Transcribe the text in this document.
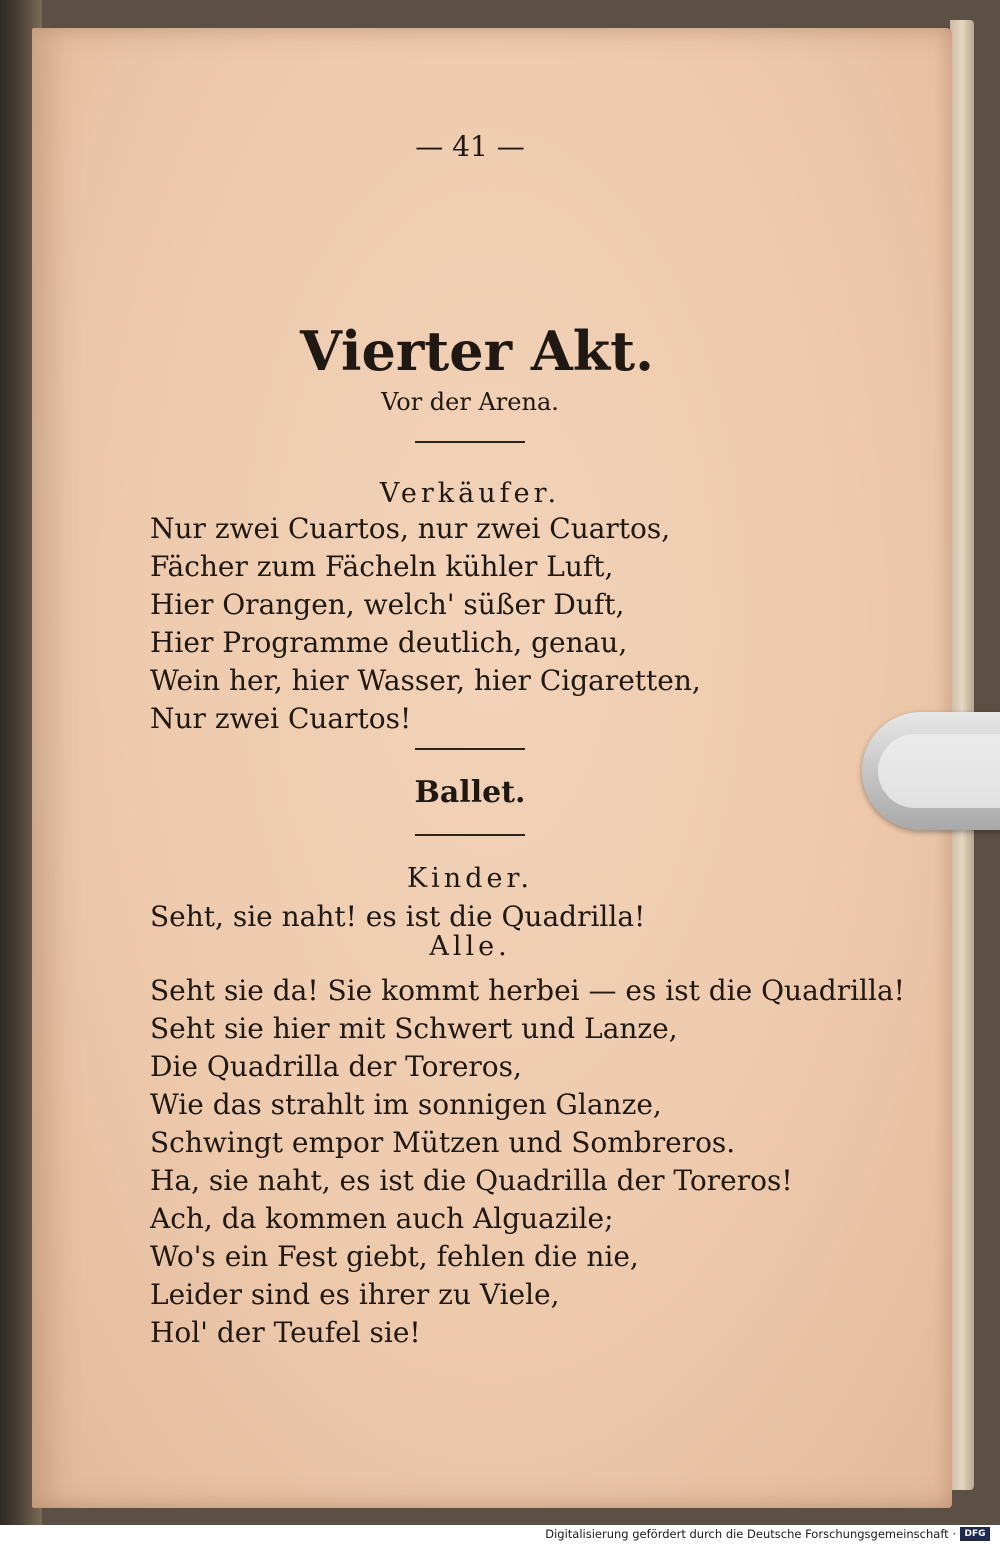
— 41 —

Vierter Akt.

Vor der Arena.

Verkäufer.

Nur zwei Cuartos, nur zwei Cuartos,

Fächer zum Fächeln kühler Luft,

Hier Orangen, welch' süßer Duft,

Hier Programme deutlich, genau,

Wein her, hier Wasser, hier Cigaretten,

Nur zwei Cuartos!

Ballet.

Kinder.

Seht, sie naht! es ist die Quadrilla!

Alle.

Seht sie da! Sie kommt herbei — es ist die Quadrilla!

Seht sie hier mit Schwert und Lanze,

Die Quadrilla der Toreros,

Wie das strahlt im sonnigen Glanze,

Schwingt empor Mützen und Sombreros.

Ha, sie naht, es ist die Quadrilla der Toreros!

Ach, da kommen auch Alguazile;

Wo's ein Fest giebt, fehlen die nie,

Leider sind es ihrer zu Viele,

Hol' der Teufel sie!

Digitalisierung gefördert durch die Deutsche Forschungsgemeinschaft · DFG
